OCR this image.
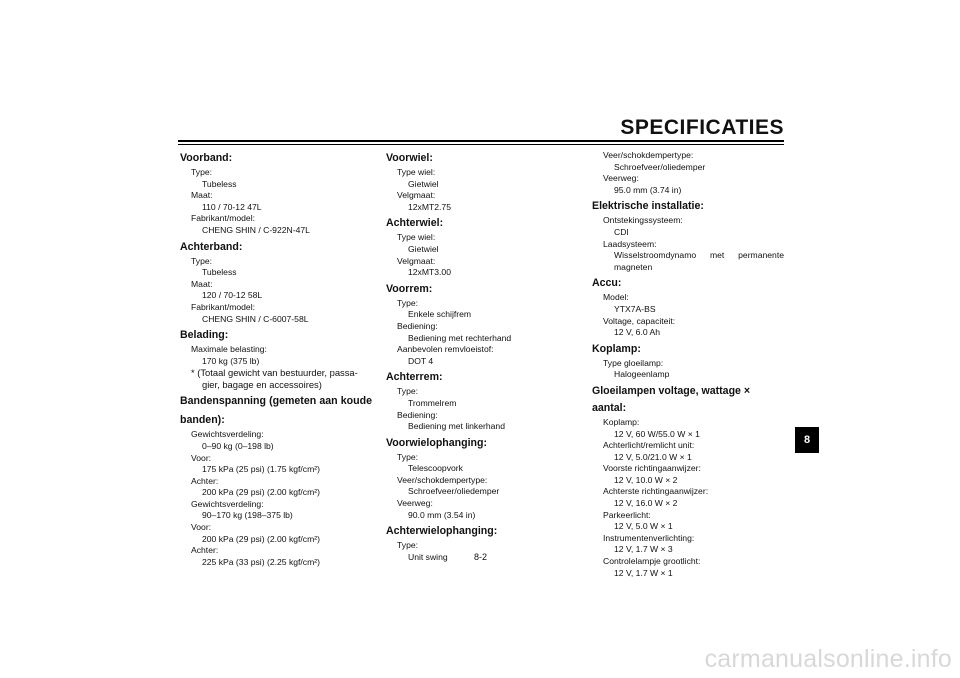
SPECIFICATIES
Voorband:
Type:
Tubeless
Maat:
110 / 70-12 47L
Fabrikant/model:
CHENG SHIN / C-922N-47L
Achterband:
Type:
Tubeless
Maat:
120 / 70-12 58L
Fabrikant/model:
CHENG SHIN / C-6007-58L
Belading:
Maximale belasting:
170 kg (375 lb)
* (Totaal gewicht van bestuurder, passa-gier, bagage en accessoires)
Bandenspanning (gemeten aan koude
banden):
Gewichtsverdeling:
0–90 kg (0–198 lb)
Voor:
175 kPa (25 psi) (1.75 kgf/cm²)
Achter:
200 kPa (29 psi) (2.00 kgf/cm²)
Gewichtsverdeling:
90–170 kg (198–375 lb)
Voor:
200 kPa (29 psi) (2.00 kgf/cm²)
Achter:
225 kPa (33 psi) (2.25 kgf/cm²)
Voorwiel:
Type wiel:
Gietwiel
Velgmaat:
12xMT2.75
Achterwiel:
Type wiel:
Gietwiel
Velgmaat:
12xMT3.00
Voorrem:
Type:
Enkele schijfrem
Bediening:
Bediening met rechterhand
Aanbevolen remvloeistof:
DOT 4
Achterrem:
Type:
Trommelrem
Bediening:
Bediening met linkerhand
Voorwielophanging:
Type:
Telescoopvork
Veer/schokdempertype:
Schroefveer/oliedemper
Veerweg:
90.0 mm (3.54 in)
Achterwielophanging:
Type:
Unit swing
Veer/schokdempertype:
Schroefveer/oliedemper
Veerweg:
95.0 mm (3.74 in)
Elektrische installatie:
Ontstekingssysteem:
CDI
Laadsysteem:
Wisselstroomdynamo met permanente
magneten
Accu:
Model:
YTX7A-BS
Voltage, capaciteit:
12 V, 6.0 Ah
Koplamp:
Type gloeilamp:
Halogeenlamp
Gloeilampen voltage, wattage × aantal:
Koplamp:
12 V, 60 W/55.0 W × 1
Achterlicht/remlicht unit:
12 V, 5.0/21.0 W × 1
Voorste richtingaanwijzer:
12 V, 10.0 W × 2
Achterste richtingaanwijzer:
12 V, 16.0 W × 2
Parkeerlicht:
12 V, 5.0 W × 1
Instrumentenverlichting:
12 V, 1.7 W × 3
Controlelampje grootlicht:
12 V, 1.7 W × 1

8-2

8
carmanualsonline.info
